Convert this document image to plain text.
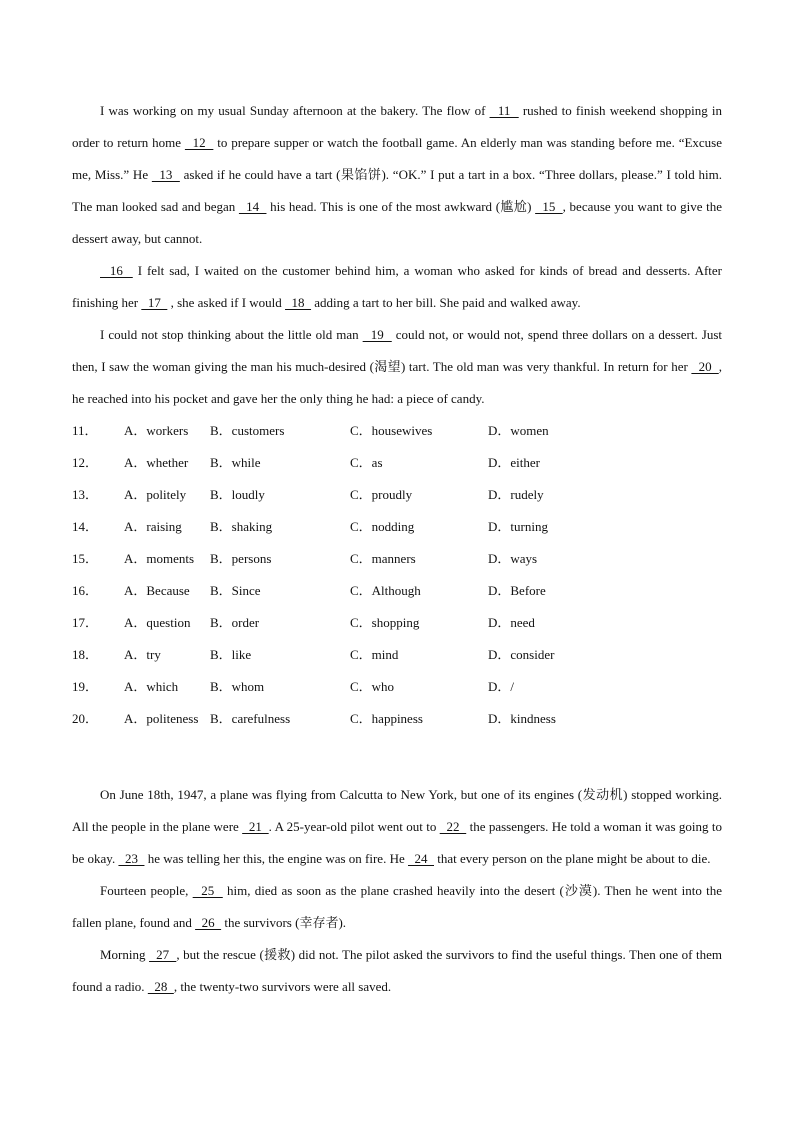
I was working on my usual Sunday afternoon at the bakery. The flow of   11   rushed to finish weekend shopping in order to return home   12   to prepare supper or watch the football game. An elderly man was standing before me. “Excuse me, Miss.” He   13   asked if he could have a tart (果馅饼). “OK.” I put a tart in a box. “Three dollars, please.” I told him. The man looked sad and began   14   his head. This is one of the most awkward (尴尬)   15  , because you want to give the dessert away, but cannot.

16   I felt sad, I waited on the customer behind him, a woman who asked for kinds of bread and desserts. After finishing her   17   , she asked if I would   18   adding a tart to her bill. She paid and walked away.

I could not stop thinking about the little old man   19   could not, or would not, spend three dollars on a dessert. Just then, I saw the woman giving the man his much-desired (渴望) tart. The old man was very thankful. In return for her   20  , he reached into his pocket and gave her the only thing he had: a piece of candy.

11．	A．workers	B．customers	C．housewives	D．women
12．	A．whether	B．while	C．as	D．either
13．	A．politely	B．loudly	C．proudly	D．rudely
14．	A．raising	B．shaking	C．nodding	D．turning
15．	A．moments	B．persons	C．manners	D．ways
16．	A．Because	B．Since	C．Although	D．Before
17．	A．question	B．order	C．shopping	D．need
18．	A．try	B．like	C．mind	D．consider
19．	A．which	B．whom	C．who	D．/
20．	A．politeness B．carefulness	C．happiness	D．kindness

On June 18th, 1947, a plane was flying from Calcutta to New York, but one of its engines (发动机) stopped working. All the people in the plane were   21  . A 25-year-old pilot went out to   22   the passengers. He told a woman it was going to be okay.   23   he was telling her this, the engine was on fire. He   24   that every person on the plane might be about to die.

Fourteen people,   25   him, died as soon as the plane crashed heavily into the desert (沙漠). Then he went into the fallen plane, found and   26   the survivors (幸存者).

Morning   27  , but the rescue (援救) did not. The pilot asked the survivors to find the useful things. Then one of them found a radio.   28  , the twenty-two survivors were all saved.
